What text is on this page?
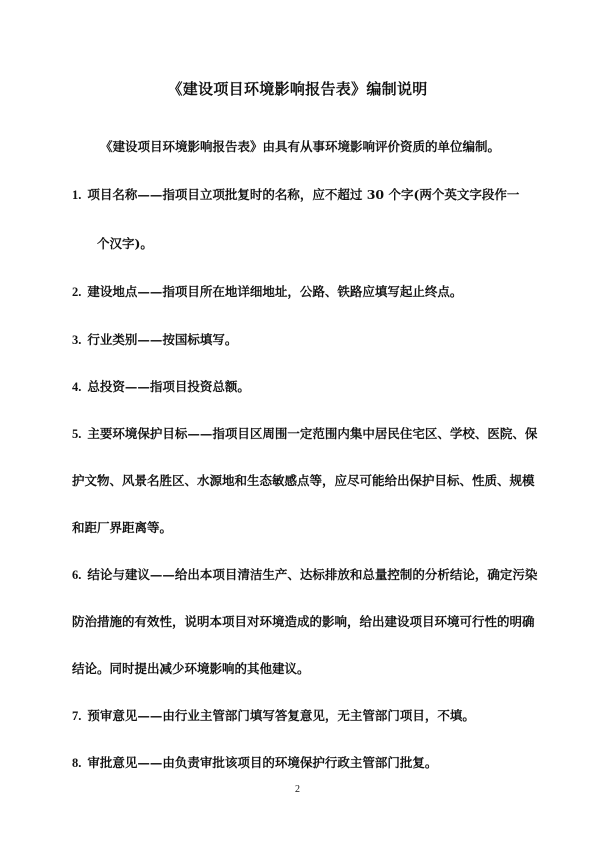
《建设项目环境影响报告表》编制说明
《建设项目环境影响报告表》由具有从事环境影响评价资质的单位编制。
1. 项目名称——指项目立项批复时的名称，应不超过 30 个字(两个英文字段作一
个汉字)。
2. 建设地点——指项目所在地详细地址，公路、铁路应填写起止终点。
3. 行业类别——按国标填写。
4. 总投资——指项目投资总额。
5. 主要环境保护目标——指项目区周围一定范围内集中居民住宅区、学校、医院、保
护文物、风景名胜区、水源地和生态敏感点等，应尽可能给出保护目标、性质、规模
和距厂界距离等。
6. 结论与建议——给出本项目清洁生产、达标排放和总量控制的分析结论，确定污染
防治措施的有效性，说明本项目对环境造成的影响，给出建设项目环境可行性的明确
结论。同时提出减少环境影响的其他建议。
7. 预审意见——由行业主管部门填写答复意见，无主管部门项目，不填。
8. 审批意见——由负责审批该项目的环境保护行政主管部门批复。
2
